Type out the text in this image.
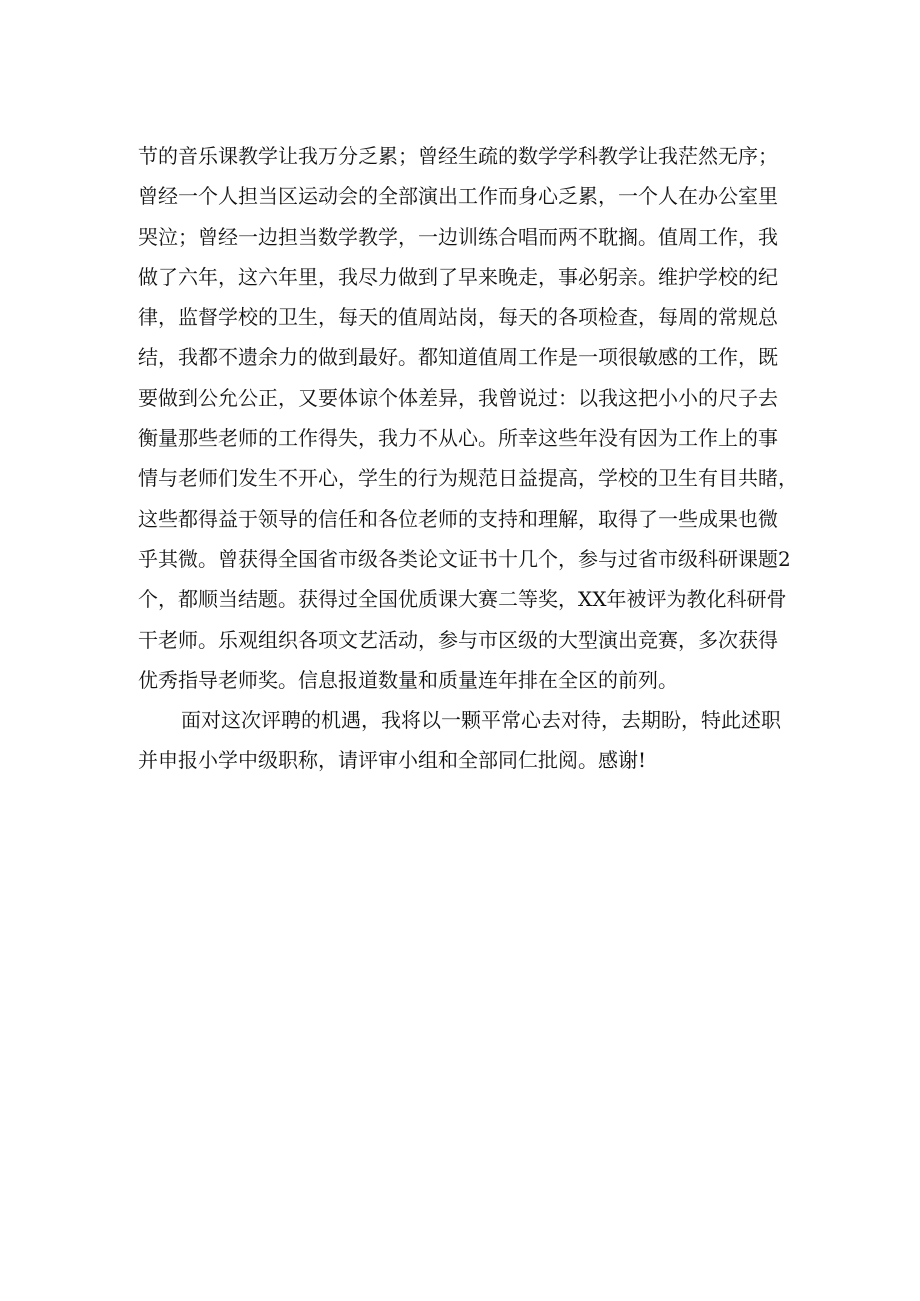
节的音乐课教学让我万分乏累；曾经生疏的数学学科教学让我茫然无序；
曾经一个人担当区运动会的全部演出工作而身心乏累，一个人在办公室里
哭泣；曾经一边担当数学教学，一边训练合唱而两不耽搁。值周工作，我
做了六年，这六年里，我尽力做到了早来晚走，事必躬亲。维护学校的纪
律，监督学校的卫生，每天的值周站岗，每天的各项检查，每周的常规总
结，我都不遗余力的做到最好。都知道值周工作是一项很敏感的工作，既
要做到公允公正，又要体谅个体差异，我曾说过：以我这把小小的尺子去
衡量那些老师的工作得失，我力不从心。所幸这些年没有因为工作上的事
情与老师们发生不开心，学生的行为规范日益提高，学校的卫生有目共睹，
这些都得益于领导的信任和各位老师的支持和理解，取得了一些成果也微
乎其微。曾获得全国省市级各类论文证书十几个，参与过省市级科研课题2
个，都顺当结题。获得过全国优质课大赛二等奖，XX年被评为教化科研骨
干老师。乐观组织各项文艺活动，参与市区级的大型演出竞赛，多次获得
优秀指导老师奖。信息报道数量和质量连年排在全区的前列。
面对这次评聘的机遇，我将以一颗平常心去对待，去期盼，特此述职
并申报小学中级职称，请评审小组和全部同仁批阅。感谢!
